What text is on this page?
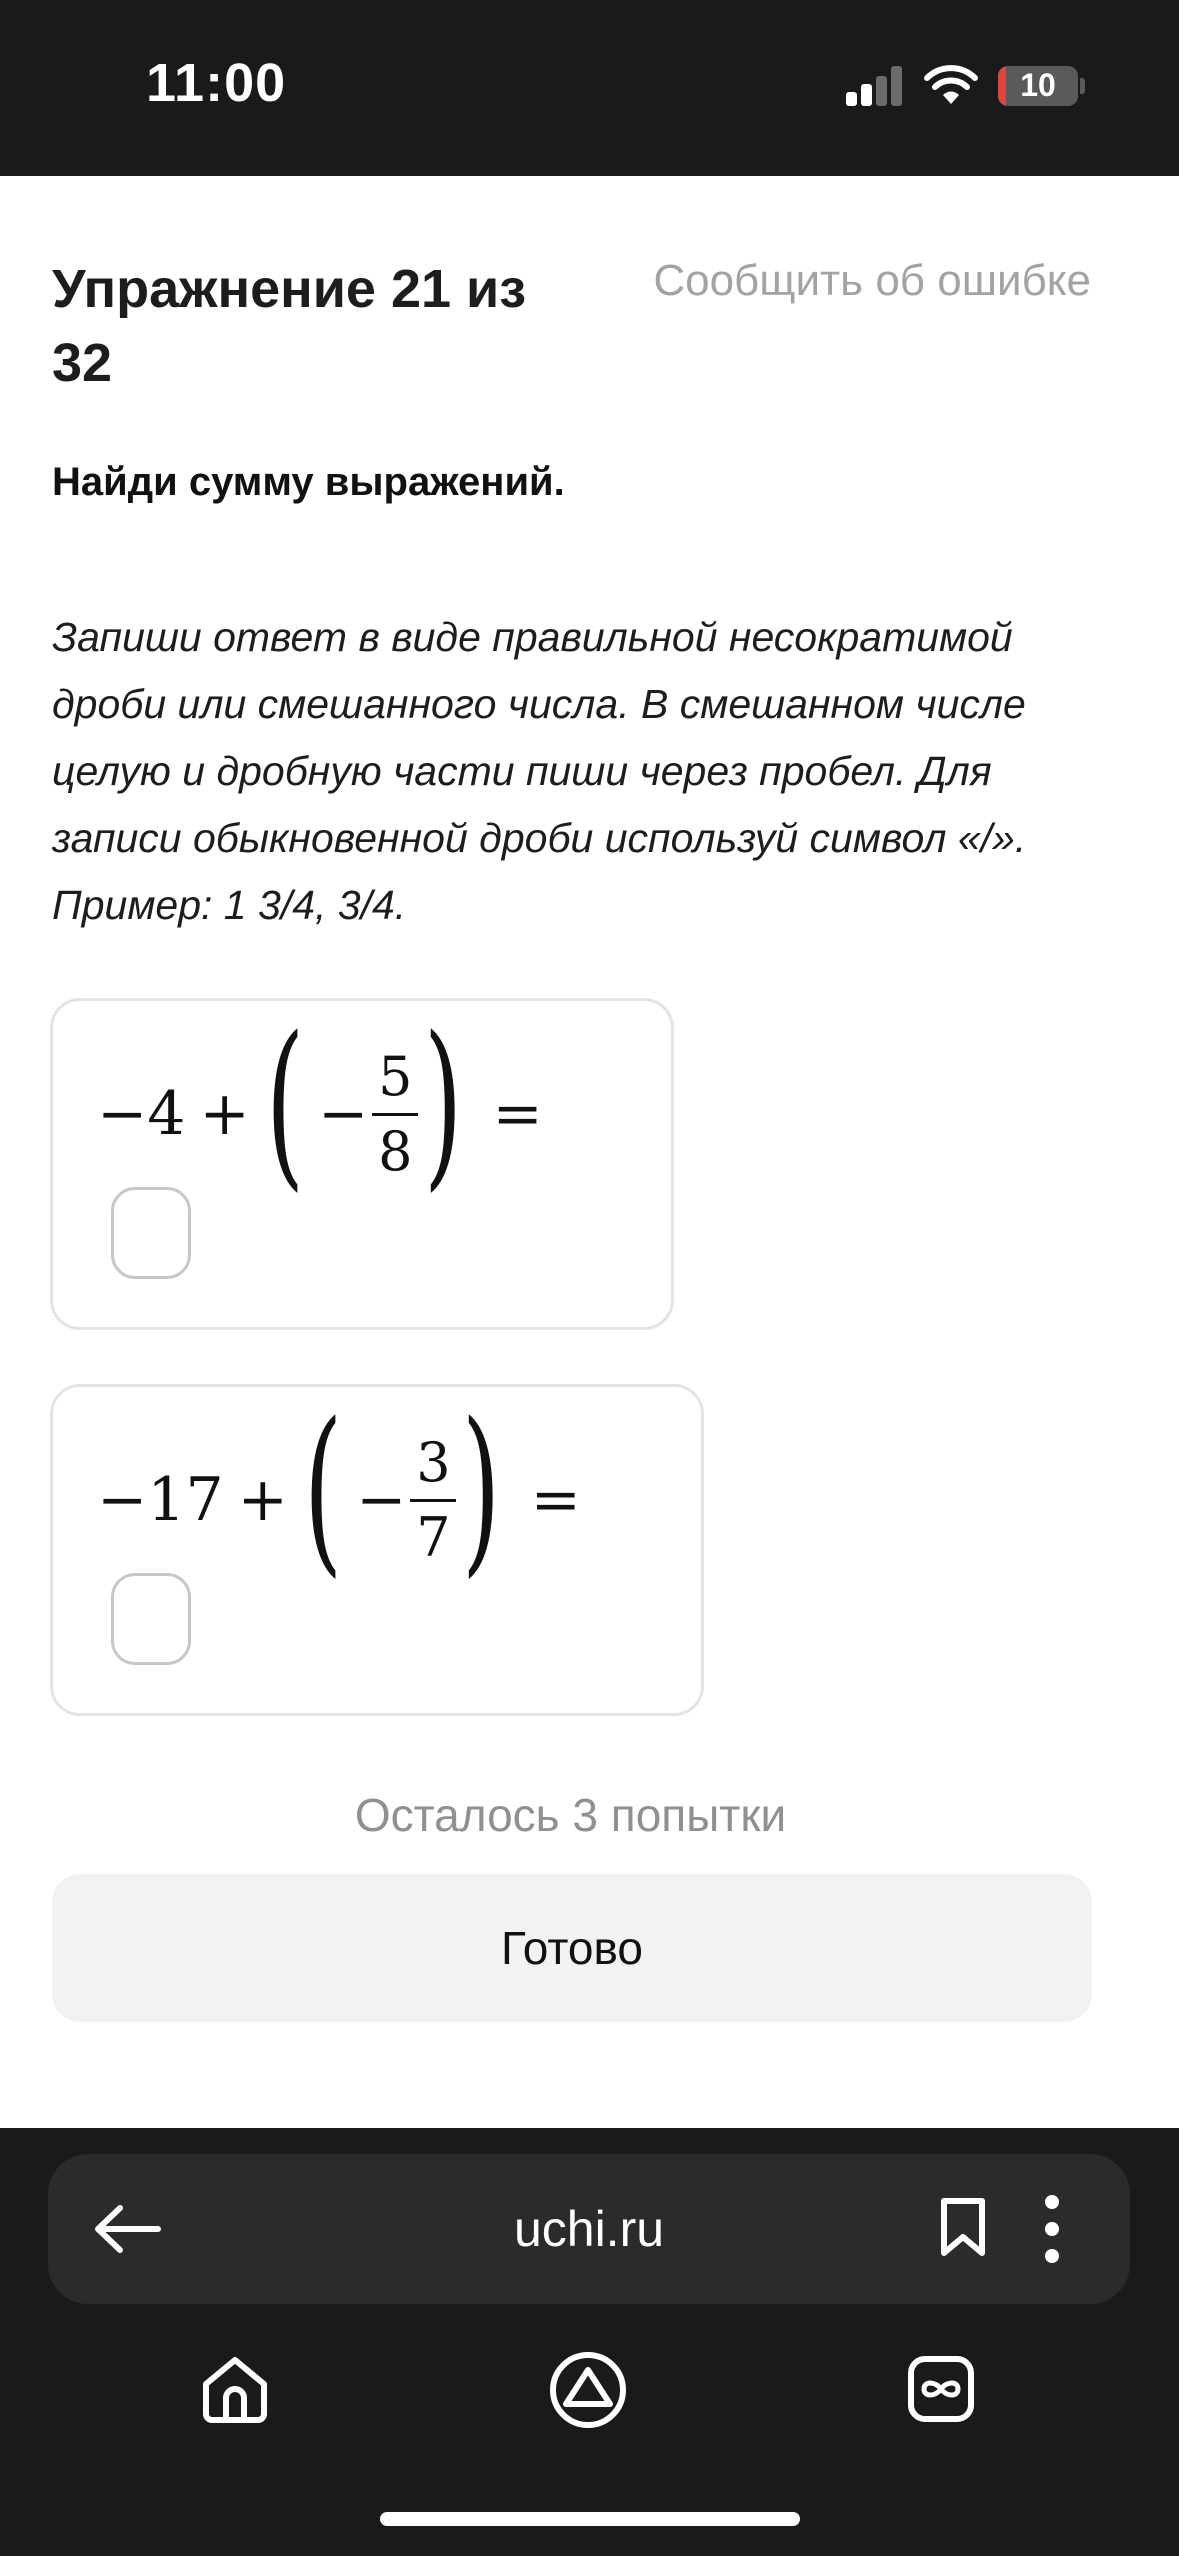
11:00	10
Упражнение 21 из 32
Сообщить об ошибке
Найди сумму выражений.
Запиши ответ в виде правильной несократимой дроби или смешанного числа. В смешанном числе целую и дробную части пиши через пробел. Для записи обыкновенной дроби используй символ «/». Пример: 1 3/4, 3/4.
−4 + ( − $\frac{5}{8}$ ) =
−17 + ( − $\frac{3}{7}$ ) =
Осталось 3 попытки
Готово
uchi.ru
